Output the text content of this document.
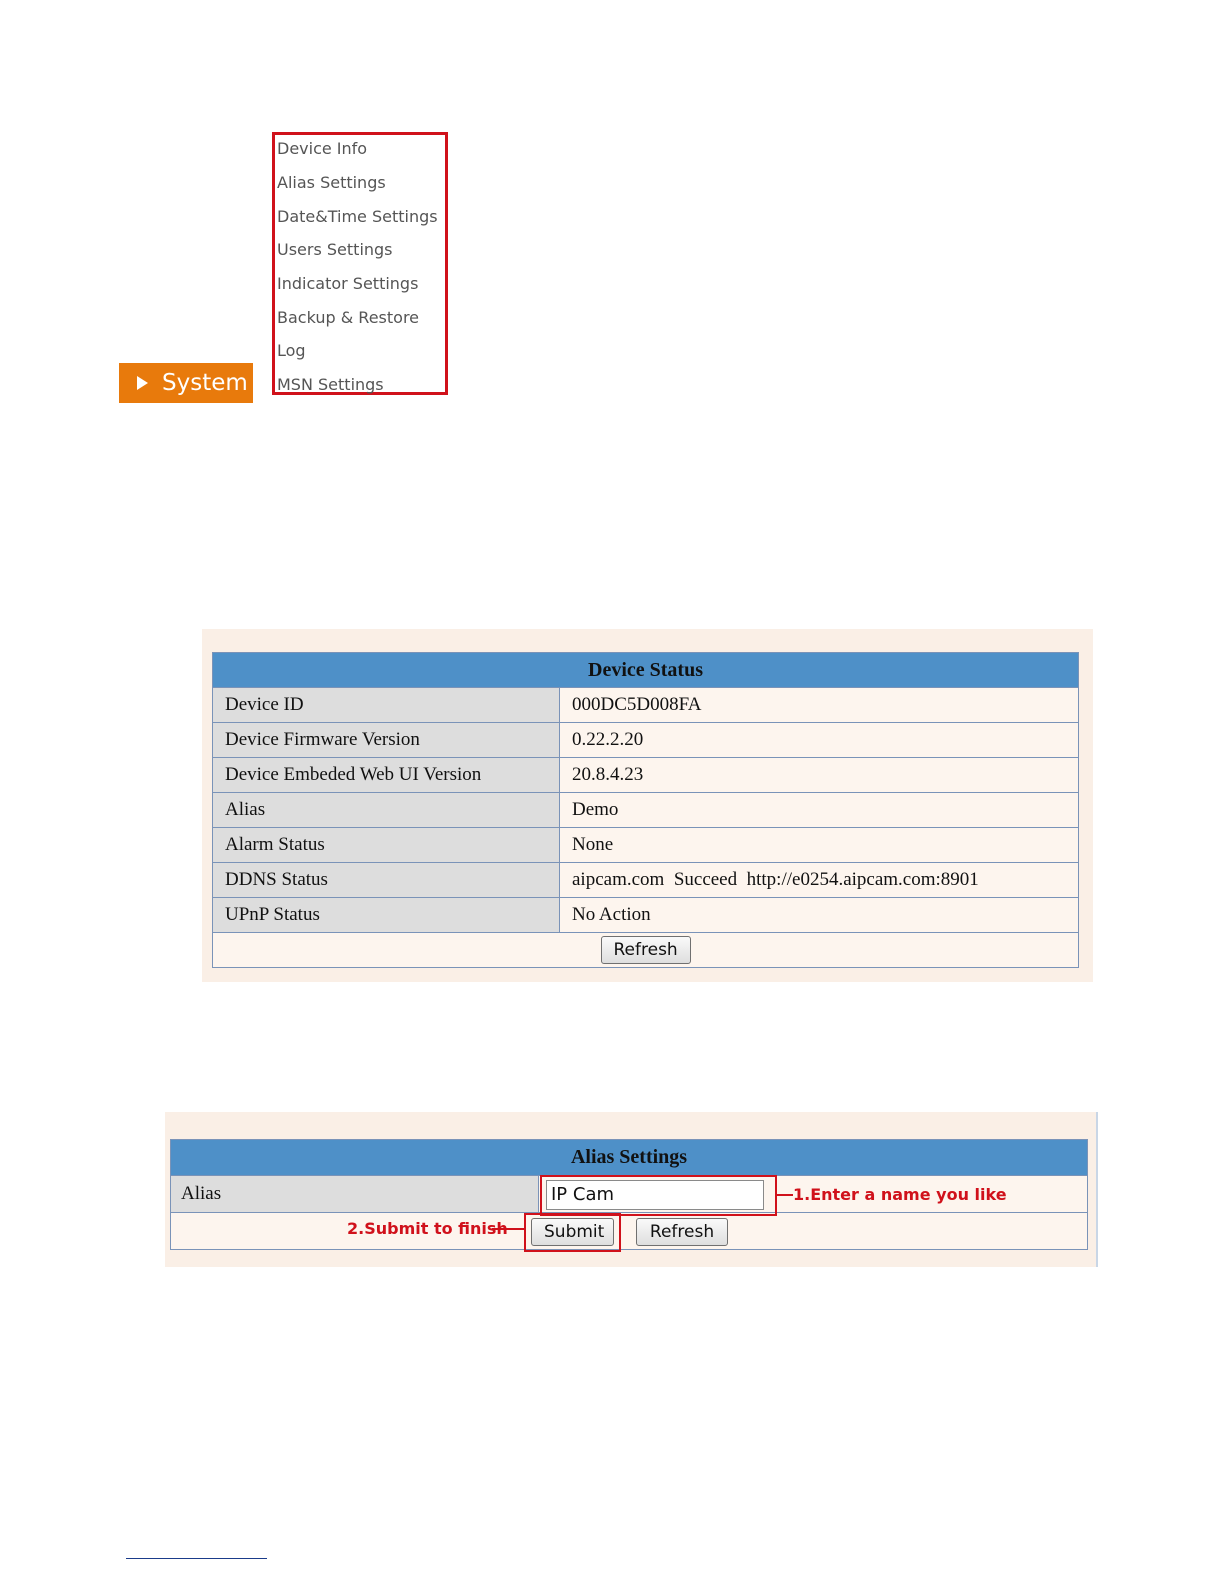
System
Device Info
Alias Settings
Date&Time Settings
Users Settings
Indicator Settings
Backup & Restore
Log
MSN Settings
Device Status	
Device ID	000DC5D008FA
Device Firmware Version	0.22.2.20
Device Embeded Web UI Version	20.8.4.23
Alias	Demo
Alarm Status	None
DDNS Status	aipcam.com  Succeed  http://e0254.aipcam.com:8901
UPnP Status	No Action
Refresh	
Alias Settings
Alias		IP Cam	1.Enter a name you like
2.Submit to finish	Submit	Refresh
